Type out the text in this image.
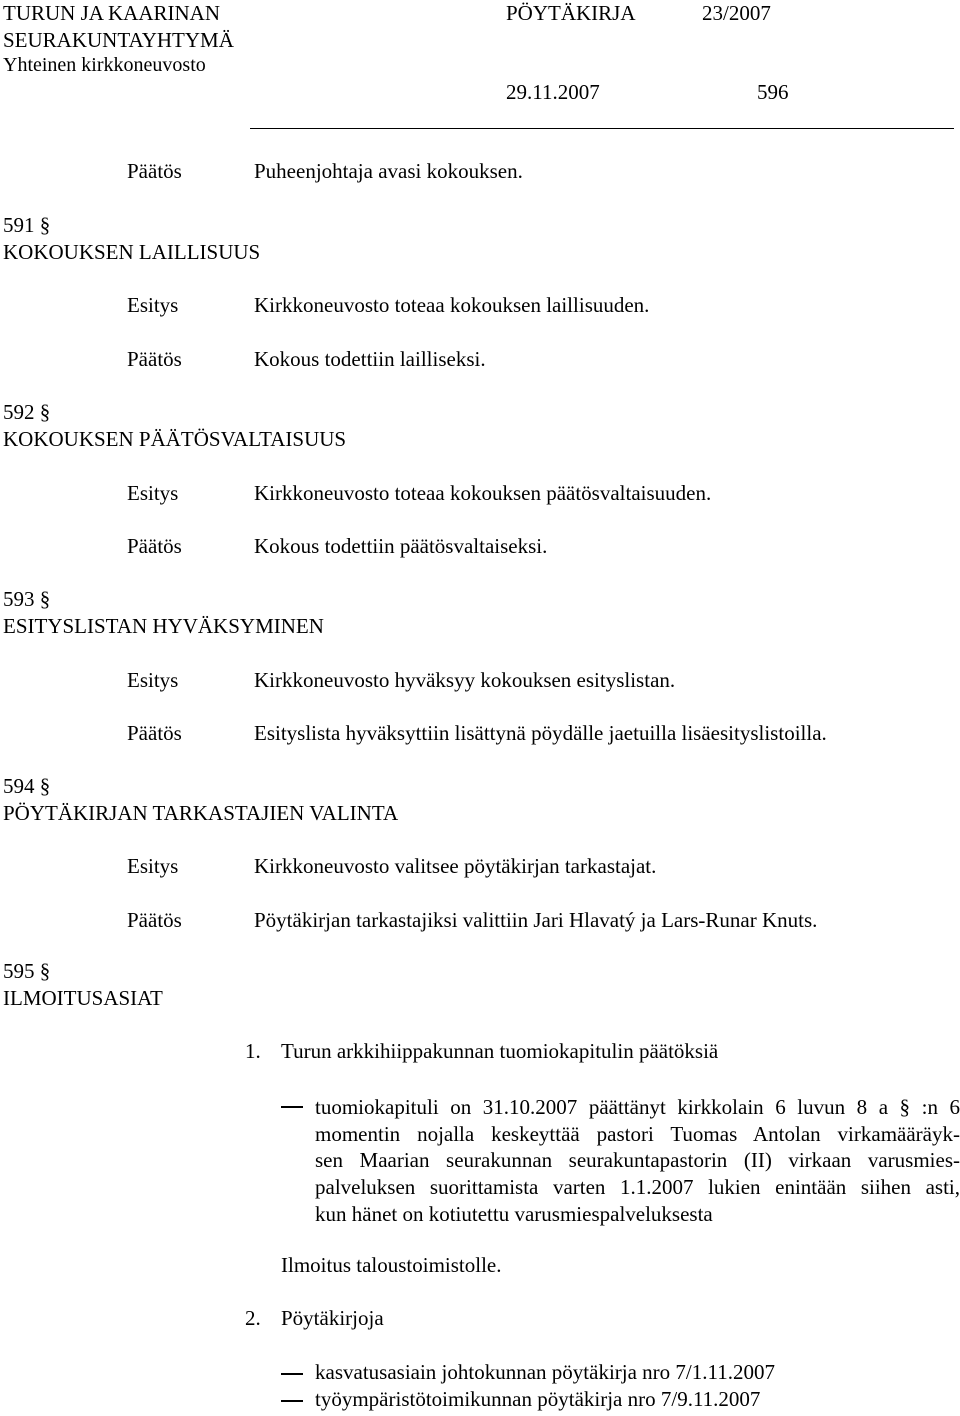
TURUN JA KAARINAN
SEURAKUNTAYHTYMÄ
Yhteinen kirkkoneuvosto
PÖYTÄKIRJA	23/2007
29.11.2007	596
Päätös	Puheenjohtaja avasi kokouksen.
591 §
KOKOUKSEN LAILLISUUS
Esitys	Kirkkoneuvosto toteaa kokouksen laillisuuden.
Päätös	Kokous todettiin lailliseksi.
592 §
KOKOUKSEN PÄÄTÖSVALTAISUUS
Esitys	Kirkkoneuvosto toteaa kokouksen päätösvaltaisuuden.
Päätös	Kokous todettiin päätösvaltaiseksi.
593 §
ESITYSLISTAN HYVÄKSYMINEN
Esitys	Kirkkoneuvosto hyväksyy kokouksen esityslistan.
Päätös	Esityslista hyväksyttiin lisättynä pöydälle jaetuilla lisäesityslistoilla.
594 §
PÖYTÄKIRJAN TARKASTAJIEN VALINTA
Esitys	Kirkkoneuvosto valitsee pöytäkirjan tarkastajat.
Päätös	Pöytäkirjan tarkastajiksi valittiin Jari Hlavatý ja Lars-Runar Knuts.
595 §
ILMOITUSASIAT
1. Turun arkkihiippakunnan tuomiokapitulin päätöksiä
tuomiokapituli on 31.10.2007 päättänyt kirkkolain 6 luvun 8 a § :n 6
momentin nojalla keskeyttää pastori Tuomas Antolan virkamääräyk-
sen Maarian seurakunnan seurakuntapastorin (II) virkaan varusmies-
palveluksen suorittamista varten 1.1.2007 lukien enintään siihen asti,
kun hänet on kotiutettu varusmiespalveluksesta
Ilmoitus taloustoimistolle.
2. Pöytäkirjoja
kasvatusasiain johtokunnan pöytäkirja nro 7/1.11.2007
työympäristötoimikunnan pöytäkirja nro 7/9.11.2007
